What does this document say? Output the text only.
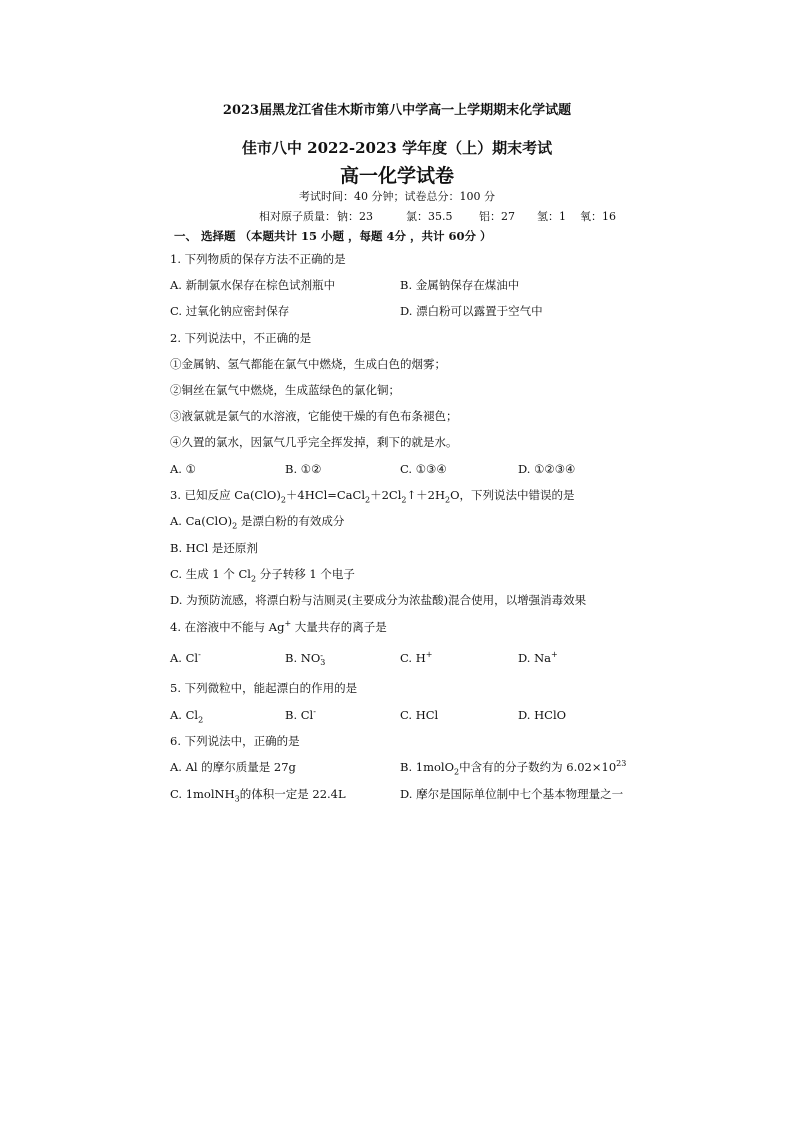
2023届黑龙江省佳木斯市第八中学高一上学期期末化学试题
佳市八中 2022-2023 学年度（上）期末考试
高一化学试卷
考试时间：40 分钟；试卷总分：100 分
相对原子质量： 钠：23	氯：35.5 铝：27 氢：1 氧：16
一、 选择题 （本题共计 15 小题 ，每题 4分 ，共计 60分 ）
1. 下列物质的保存方法不正确的是
A. 新制氯水保存在棕色试剂瓶中	B. 金属钠保存在煤油中
C. 过氧化钠应密封保存	D. 漂白粉可以露置于空气中
2. 下列说法中，不正确的是
①金属钠、氢气都能在氯气中燃烧，生成白色的烟雾；
②铜丝在氯气中燃烧，生成蓝绿色的氯化铜；
③液氯就是氯气的水溶液，它能使干燥的有色布条褪色；
④久置的氯水，因氯气几乎完全挥发掉，剩下的就是水。
A. ①	B. ①②	C. ①③④	D. ①②③④
3. 已知反应 $Ca(ClO)_2+4HCl=CaCl_2+2Cl_2↑+2H_2O$，下列说法中错误的是
A. $Ca(ClO)_2$ 是漂白粉的有效成分
B. HCl 是还原剂
C. 生成 1 个 $Cl_2$ 分子转移 1 个电子
D. 为预防流感，将漂白粉与洁厕灵(主要成分为浓盐酸)混合使用，以增强消毒效果
4. 在溶液中不能与 Ag+ 大量共存的离子是
A. Cl-	B. NO -
3	C. H+	D. Na+
5. 下列微粒中，能起漂白的作用的是
A. $Cl_2$	B. Cl-	C. HCl	D. HClO
6. 下列说法中，正确的是
A. Al 的摩尔质量是 27g	B. 1molO$_2$中含有的分子数约为 $6.02\times 10^{23}$
C. 1molNH$_3$的体积一定是 22.4L	D. 摩尔是国际单位制中七个基本物理量之一
